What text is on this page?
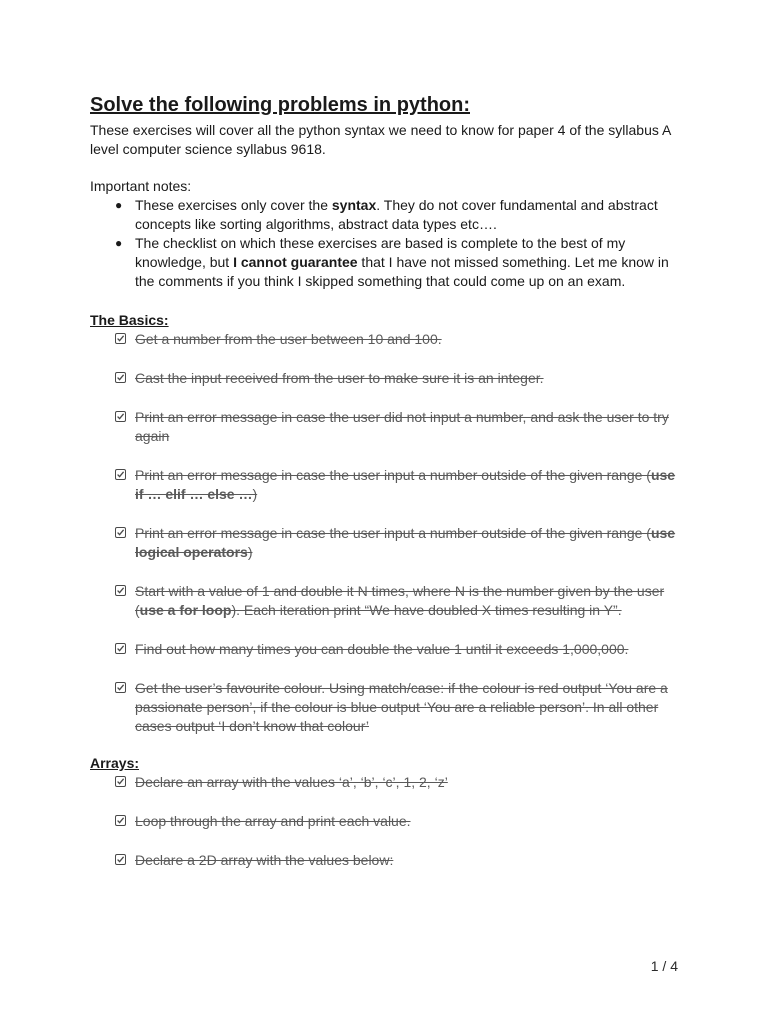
Solve the following problems in python:

These exercises will cover all the python syntax we need to know for paper 4 of the syllabus A level computer science syllabus 9618.

Important notes:

● These exercises only cover the syntax. They do not cover fundamental and abstract concepts like sorting algorithms, abstract data types etc….
● The checklist on which these exercises are based is complete to the best of my knowledge, but I cannot guarantee that I have not missed something. Let me know in the comments if you think I skipped something that could come up on an exam.
The Basics:
Get a number from the user between 10 and 100.
Cast the input received from the user to make sure it is an integer.
Print an error message in case the user did not input a number, and ask the user to try again
Print an error message in case the user input a number outside of the given range (use if … elif … else …)
Print an error message in case the user input a number outside of the given range (use logical operators)
Start with a value of 1 and double it N times, where N is the number given by the user (use a for loop). Each iteration print “We have doubled X times resulting in Y”.
Find out how many times you can double the value 1 until it exceeds 1,000,000.
Get the user’s favourite colour. Using match/case: if the colour is red output ‘You are a passionate person’, if the colour is blue output ‘You are a reliable person’. In all other cases output ‘I don’t know that colour’
Arrays:
Declare an array with the values ‘a’, ‘b’, ‘c’, 1, 2, ‘z’
Loop through the array and print each value.
Declare a 2D array with the values below:
1 / 4
